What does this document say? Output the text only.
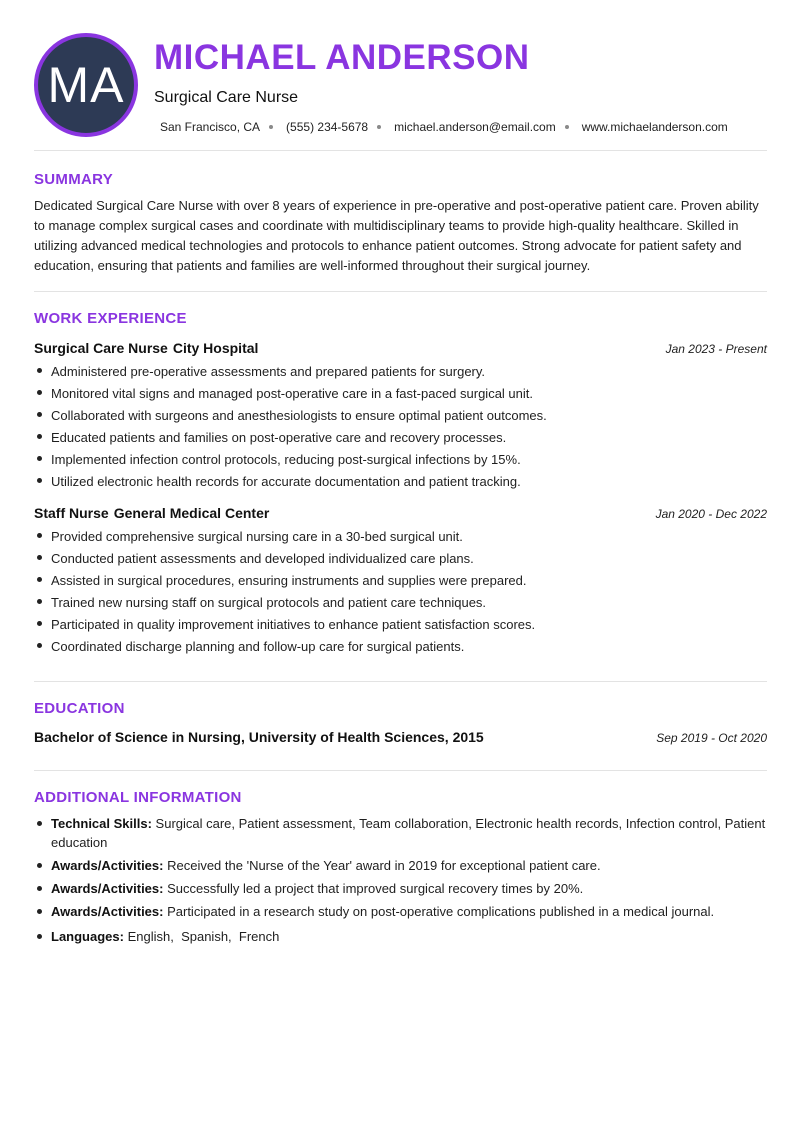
MA MICHAEL ANDERSON
Surgical Care Nurse
San Francisco, CA (555) 234-5678 michael.anderson@email.com www.michaelanderson.com
SUMMARY

Dedicated Surgical Care Nurse with over 8 years of experience in pre-operative and post-operative patient care. Proven ability to manage complex surgical cases and coordinate with multidisciplinary teams to provide high-quality healthcare. Skilled in utilizing advanced medical technologies and protocols to enhance patient outcomes. Strong advocate for patient safety and education, ensuring that patients and families are well-informed throughout their surgical journey.

WORK EXPERIENCE
Surgical Care Nurse City Hospital	Jan 2023 - Present
Administered pre-operative assessments and prepared patients for surgery.
Monitored vital signs and managed post-operative care in a fast-paced surgical unit.
Collaborated with surgeons and anesthesiologists to ensure optimal patient outcomes.
Educated patients and families on post-operative care and recovery processes.
Implemented infection control protocols, reducing post-surgical infections by 15%.
Utilized electronic health records for accurate documentation and patient tracking.
Staff Nurse General Medical Center	Jan 2020 - Dec 2022
Provided comprehensive surgical nursing care in a 30-bed surgical unit.
Conducted patient assessments and developed individualized care plans.
Assisted in surgical procedures, ensuring instruments and supplies were prepared.
Trained new nursing staff on surgical protocols and patient care techniques.
Participated in quality improvement initiatives to enhance patient satisfaction scores.
Coordinated discharge planning and follow-up care for surgical patients.
EDUCATION
Bachelor of Science in Nursing, University of Health Sciences, 2015	Sep 2019 - Oct 2020
ADDITIONAL INFORMATION
Technical Skills: Surgical care, Patient assessment, Team collaboration, Electronic health records, Infection control, Patient education
Awards/Activities: Received the 'Nurse of the Year' award in 2019 for exceptional patient care.
Awards/Activities: Successfully led a project that improved surgical recovery times by 20%.
Awards/Activities: Participated in a research study on post-operative complications published in a medical journal.
Languages: English,  Spanish,  French
